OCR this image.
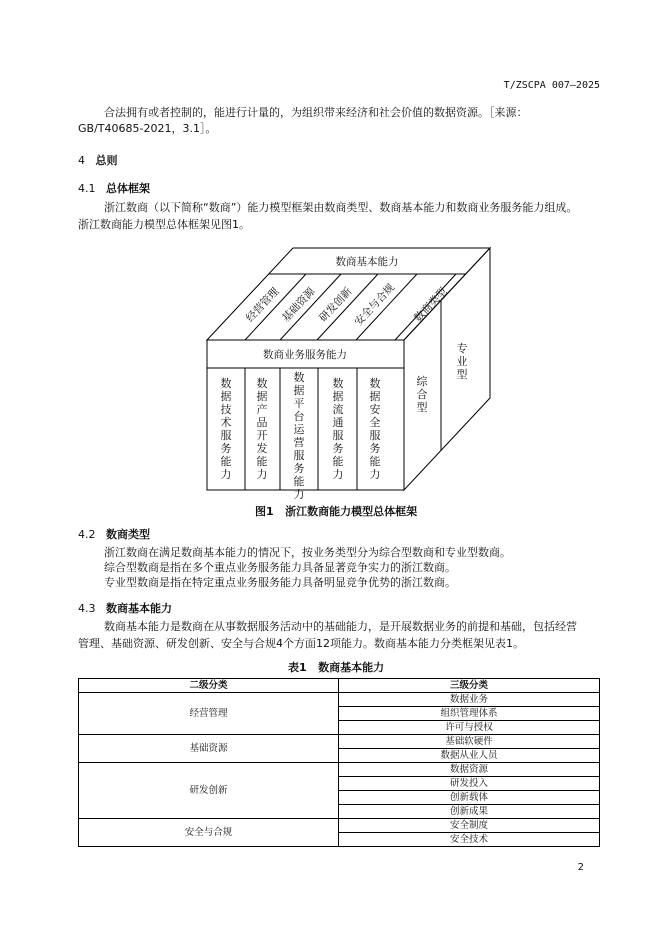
T/ZSCPA 007—2025
合法拥有或者控制的，能进行计量的，为组织带来经济和社会价值的数据资源。［来源：
GB/T40685-2021，3.1］。
4 总则
4.1 总体框架
浙江数商（以下简称“数商”）能力模型框架由数商类型、数商基本能力和数商业务服务能力组成。
浙江数商能力模型总体框架见图1。
数商基本能力
经营管理
基础资源 研发创新
安全与合规 数商类型
数商业务服务能力
数据技术服务能力
数据产品开发能力
数据平台运营服务能力
数据流通服务能力
数据安全服务能力
综合型
专业型
图1 浙江数商能力模型总体框架
4.2 数商类型
浙江数商在满足数商基本能力的情况下，按业务类型分为综合型数商和专业型数商。
综合型数商是指在多个重点业务服务能力具备显著竞争实力的浙江数商。
专业型数商是指在特定重点业务服务能力具备明显竞争优势的浙江数商。
4.3 数商基本能力
数商基本能力是数商在从事数据服务活动中的基础能力，是开展数据业务的前提和基础，包括经营
管理、基础资源、研发创新、安全与合规4个方面12项能力。数商基本能力分类框架见表1。
表1 数商基本能力
二级分类	三级分类
经营管理	数据业务
	组织管理体系
	许可与授权
基础资源	基础软硬件
	数据从业人员
研发创新	数据资源
	研发投入
	创新载体
	创新成果
安全与合规	安全制度
	安全技术
2
